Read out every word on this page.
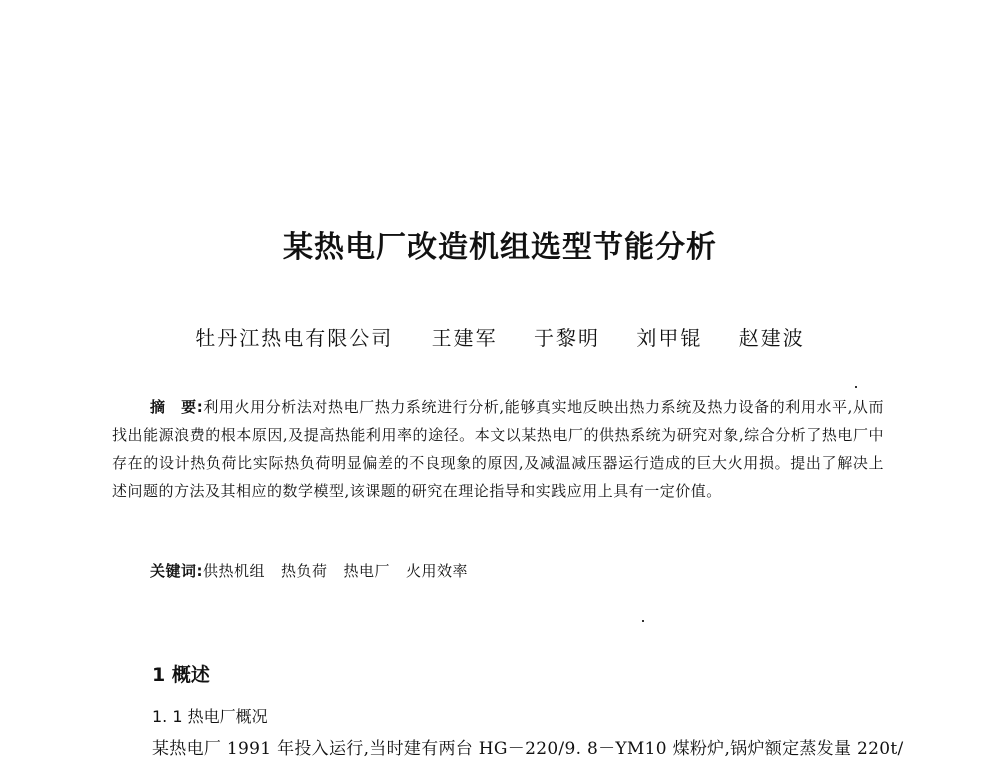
某热电厂改造机组选型节能分析
牡丹江热电有限公司 王建军 于黎明 刘甲锟 赵建波

摘　要:利用火用分析法对热电厂热力系统进行分析,能够真实地反映出热力系统及热力设备的利用水平,从而找出能源浪费的根本原因,及提高热能利用率的途径。本文以某热电厂的供热系统为研究对象,综合分析了热电厂中存在的设计热负荷比实际热负荷明显偏差的不良现象的原因,及减温减压器运行造成的巨大火用损。提出了解决上述问题的方法及其相应的数学模型,该课题的研究在理论指导和实践应用上具有一定价值。

关键词:供热机组 热负荷 热电厂 火用效率
1 概述
1. 1 热电厂概况

某热电厂 1991 年投入运行,当时建有两台 HG－220/9. 8－YM10 煤粉炉,锅炉额定蒸发量 220t/
